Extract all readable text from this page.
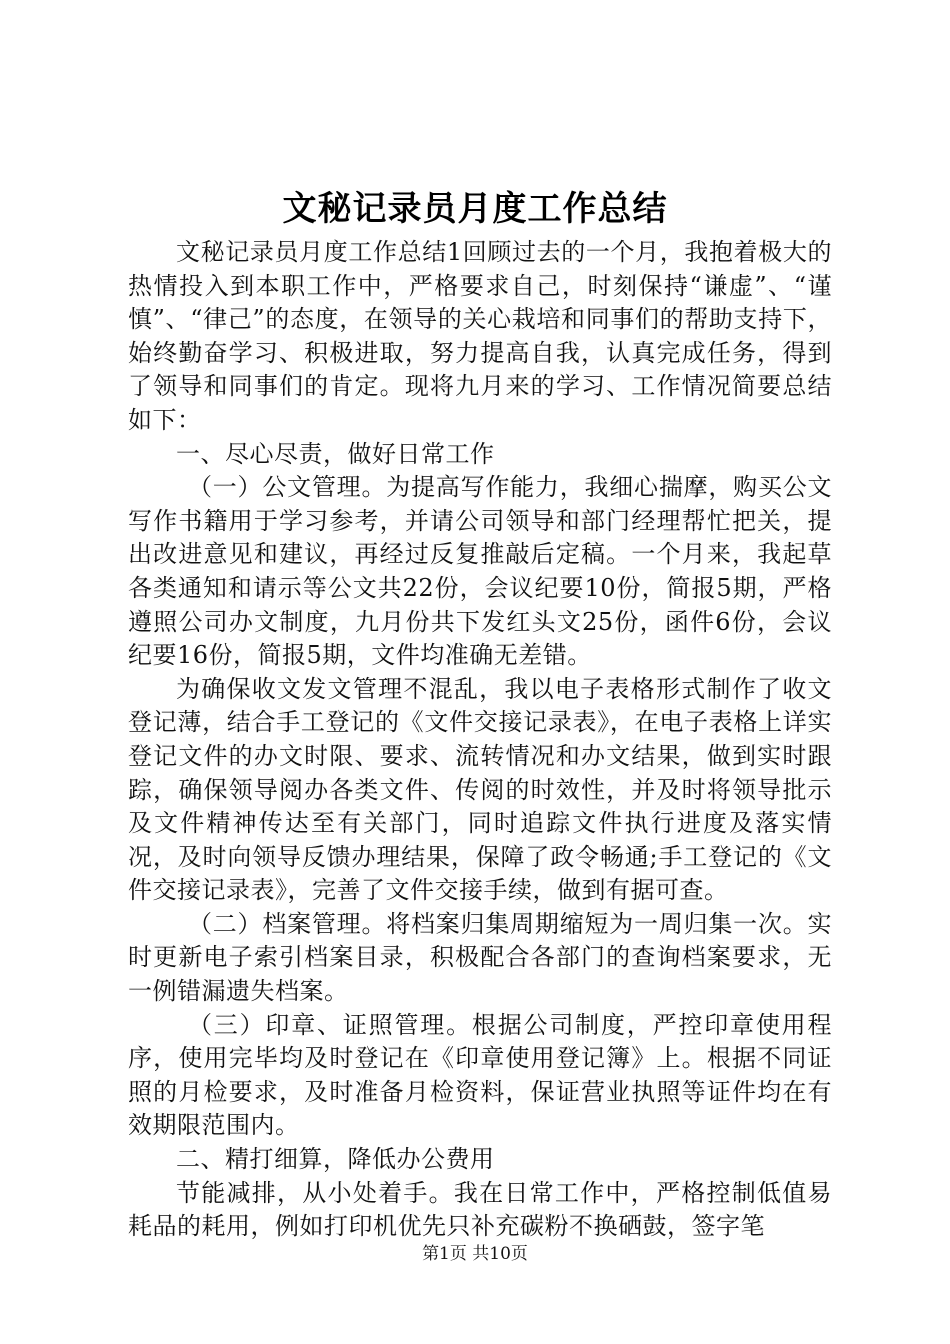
文秘记录员月度工作总结

文秘记录员月度工作总结1回顾过去的一个月，我抱着极大的热情投入到本职工作中，严格要求自己，时刻保持“谦虚”、“谨慎”、“律己”的态度，在领导的关心栽培和同事们的帮助支持下，始终勤奋学习、积极进取，努力提高自我，认真完成任务，得到了领导和同事们的肯定。现将九月来的学习、工作情况简要总结如下：

一、尽心尽责，做好日常工作

（一）公文管理。为提高写作能力，我细心揣摩，购买公文写作书籍用于学习参考，并请公司领导和部门经理帮忙把关，提出改进意见和建议，再经过反复推敲后定稿。一个月来，我起草各类通知和请示等公文共22份，会议纪要10份，简报5期，严格遵照公司办文制度，九月份共下发红头文25份，函件6份，会议纪要16份，简报5期，文件均准确无差错。

为确保收文发文管理不混乱，我以电子表格形式制作了收文登记薄，结合手工登记的《文件交接记录表》，在电子表格上详实登记文件的办文时限、要求、流转情况和办文结果，做到实时跟踪，确保领导阅办各类文件、传阅的时效性，并及时将领导批示及文件精神传达至有关部门，同时追踪文件执行进度及落实情况，及时向领导反馈办理结果，保障了政令畅通;手工登记的《文件交接记录表》，完善了文件交接手续，做到有据可查。

（二）档案管理。将档案归集周期缩短为一周归集一次。实时更新电子索引档案目录，积极配合各部门的查询档案要求，无一例错漏遗失档案。

（三）印章、证照管理。根据公司制度，严控印章使用程序，使用完毕均及时登记在《印章使用登记簿》上。根据不同证照的月检要求，及时准备月检资料，保证营业执照等证件均在有效期限范围内。

二、精打细算，降低办公费用

节能减排，从小处着手。我在日常工作中，严格控制低值易耗品的耗用，例如打印机优先只补充碳粉不换硒鼓，签字笔

第1页 共10页
